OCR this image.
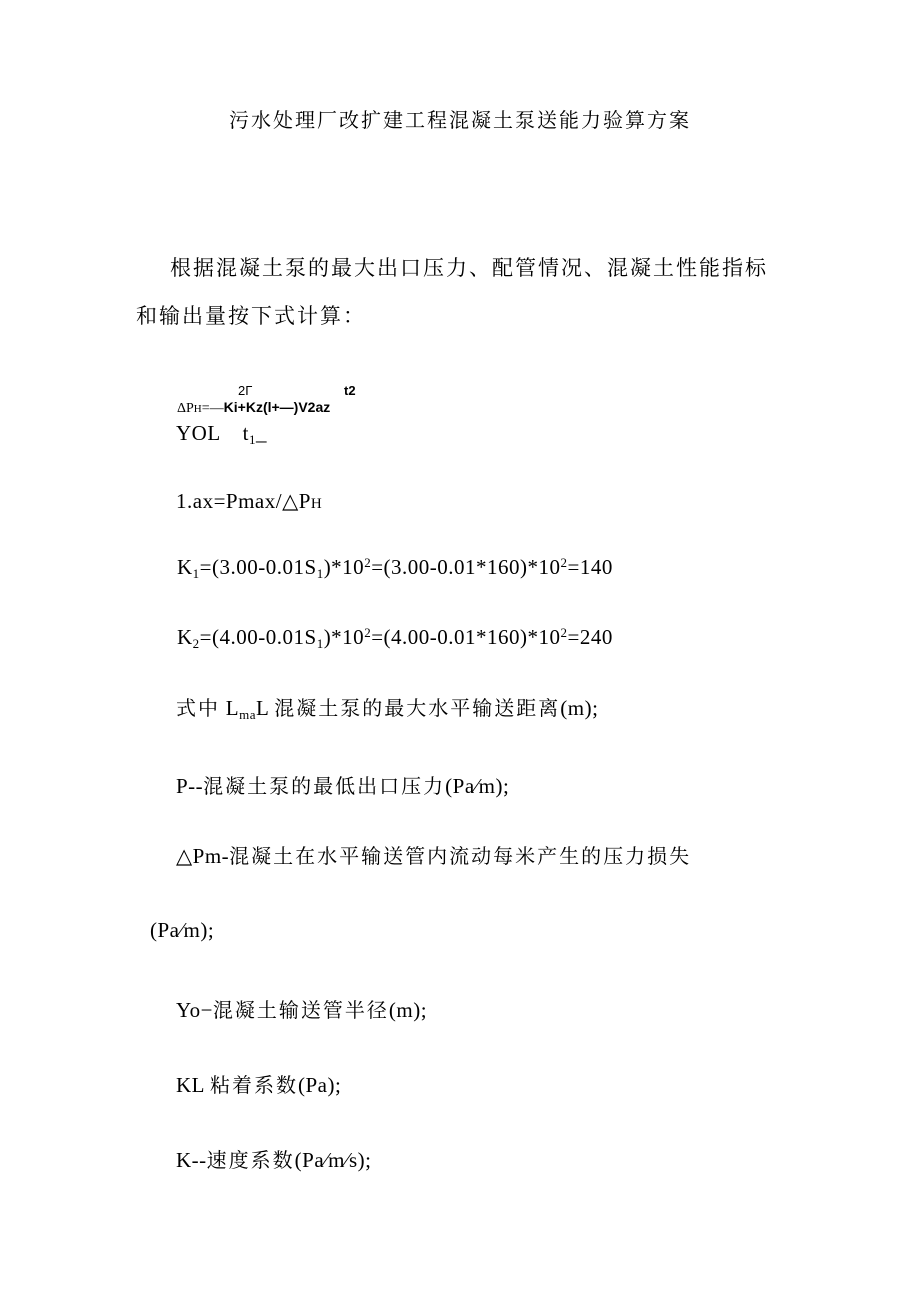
污水处理厂改扩建工程混凝土泵送能力验算方案
根据混凝土泵的最大出口压力、配管情况、混凝土性能指标
和输出量按下式计算：
2Γ	t2
ΔPH=—Ki+Kz(l+—)V2az
YOL $t_1\_$
1.ax=Pmax/△PH
$K_1=(3.00-0.01S_1)*10^2=(3.00-0.01*160)*10^2=140$
$K_2=(4.00-0.01S_1)*10^2=(4.00-0.01*160)*10^2=240$
式中 $L_{ma}L$ 混凝土泵的最大水平输送距离(m);
P--混凝土泵的最低出口压力(Pa⁄m);
△Pm-混凝土在水平输送管内流动每米产生的压力损失
(Pa⁄m);
Yo−混凝土输送管半径(m);
KL 粘着系数(Pa);
K--速度系数(Pa⁄m⁄s);
